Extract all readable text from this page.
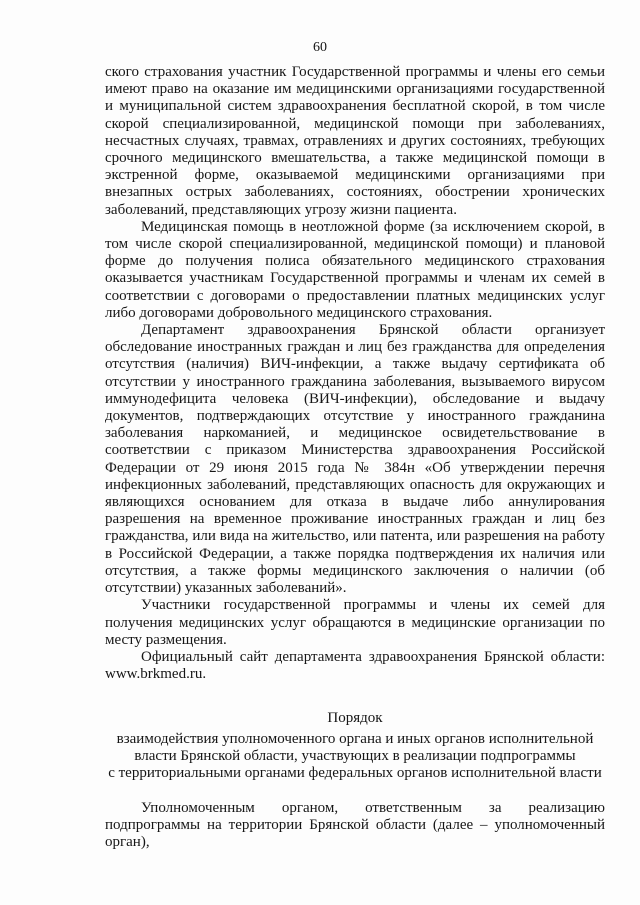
60

ского страхования участник Государственной программы и члены его семьи имеют право на оказание им медицинскими организациями государственной и муниципальной систем здравоохранения бесплатной скорой, в том числе скорой специализированной, медицинской помощи при заболеваниях, несчастных случаях, травмах, отравлениях и других состояниях, требующих срочного медицинского вмешательства, а также медицинской помощи в экстренной форме, оказываемой медицинскими организациями при внезапных острых заболеваниях, состояниях, обострении хронических заболеваний, представляющих угрозу жизни пациента.

Медицинская помощь в неотложной форме (за исключением скорой, в том числе скорой специализированной, медицинской помощи) и плановой форме до получения полиса обязательного медицинского страхования оказывается участникам Государственной программы и членам их семей в соответствии с договорами о предоставлении платных медицинских услуг либо договорами добровольного медицинского страхования.

Департамент здравоохранения Брянской области организует обследование иностранных граждан и лиц без гражданства для определения отсутствия (наличия) ВИЧ-инфекции, а также выдачу сертификата об отсутствии у иностранного гражданина заболевания, вызываемого вирусом иммунодефицита человека (ВИЧ-инфекции), обследование и выдачу документов, подтверждающих отсутствие у иностранного гражданина заболевания наркоманией, и медицинское освидетельствование в соответствии с приказом Министерства здравоохранения Российской Федерации от 29 июня 2015 года № 384н «Об утверждении перечня инфекционных заболеваний, представляющих опасность для окружающих и являющихся основанием для отказа в выдаче либо аннулирования разрешения на временное проживание иностранных граждан и лиц без гражданства, или вида на жительство, или патента, или разрешения на работу в Российской Федерации, а также порядка подтверждения их наличия или отсутствия, а также формы медицинского заключения о наличии (об отсутствии) указанных заболеваний».

Участники государственной программы и члены их семей для получения медицинских услуг обращаются в медицинские организации по месту размещения.

Официальный сайт департамента здравоохранения Брянской области: www.brkmed.ru.

Порядок
взаимодействия уполномоченного органа и иных органов исполнительной
власти Брянской области, участвующих в реализации подпрограммы
с территориальными органами федеральных органов исполнительной власти

Уполномоченным органом, ответственным за реализацию подпрограммы на территории Брянской области (далее – уполномоченный орган),
